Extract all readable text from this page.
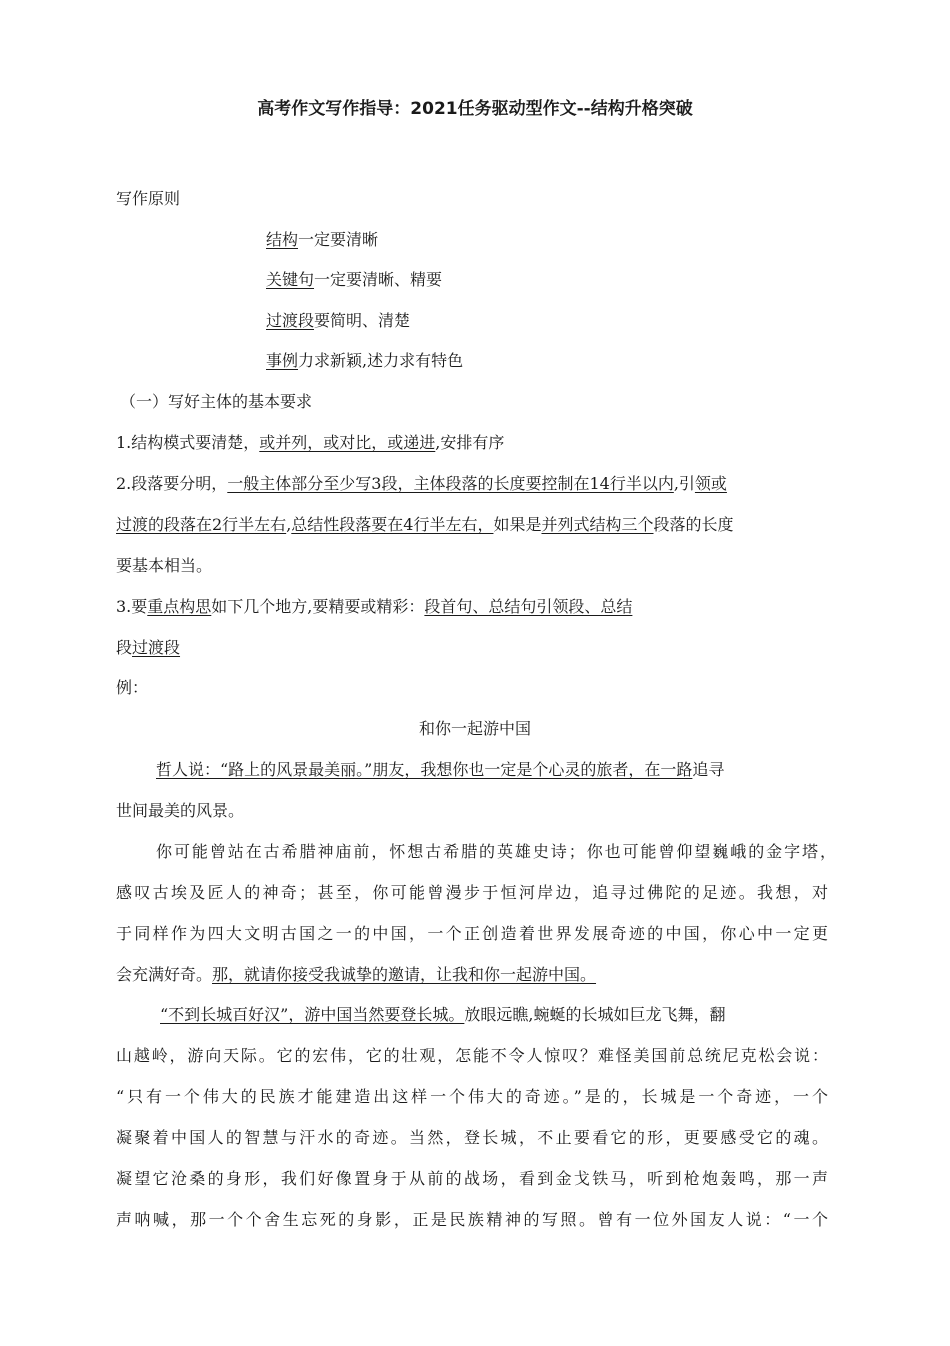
高考作文写作指导：2021任务驱动型作文--结构升格突破
写作原则
结构一定要清晰
关键句一定要清晰、精要
过渡段要简明、清楚
事例力求新颖,述力求有特色
（一）写好主体的基本要求
1.结构模式要清楚，或并列，或对比，或递进,安排有序
2.段落要分明，一般主体部分至少写3段，主体段落的长度要控制在14行半以内,引领或
过渡的段落在2行半左右,总结性段落要在4行半左右，如果是并列式结构三个段落的长度
要基本相当。
3.要重点构思如下几个地方,要精要或精彩：段首句、总结句引领段、总结
段过渡段
例：
和你一起游中国
哲人说：“路上的风景最美丽。”朋友，我想你也一定是个心灵的旅者，在一路追寻
世间最美的风景。
你可能曾站在古希腊神庙前，怀想古希腊的英雄史诗；你也可能曾仰望巍峨的金字塔，
感叹古埃及匠人的神奇；甚至，你可能曾漫步于恒河岸边，追寻过佛陀的足迹。我想，对
于同样作为四大文明古国之一的中国，一个正创造着世界发展奇迹的中国，你心中一定更
会充满好奇。那，就请你接受我诚挚的邀请，让我和你一起游中国。
“不到长城百好汉”，游中国当然要登长城。放眼远瞧,蜿蜒的长城如巨龙飞舞，翻
山越岭，游向天际。它的宏伟，它的壮观，怎能不令人惊叹？难怪美国前总统尼克松会说：
“只有一个伟大的民族才能建造出这样一个伟大的奇迹。”是的，长城是一个奇迹，一个
凝聚着中国人的智慧与汗水的奇迹。当然，登长城，不止要看它的形，更要感受它的魂。
凝望它沧桑的身形，我们好像置身于从前的战场，看到金戈铁马，听到枪炮轰鸣，那一声
声呐喊，那一个个舍生忘死的身影，正是民族精神的写照。曾有一位外国友人说：“一个
